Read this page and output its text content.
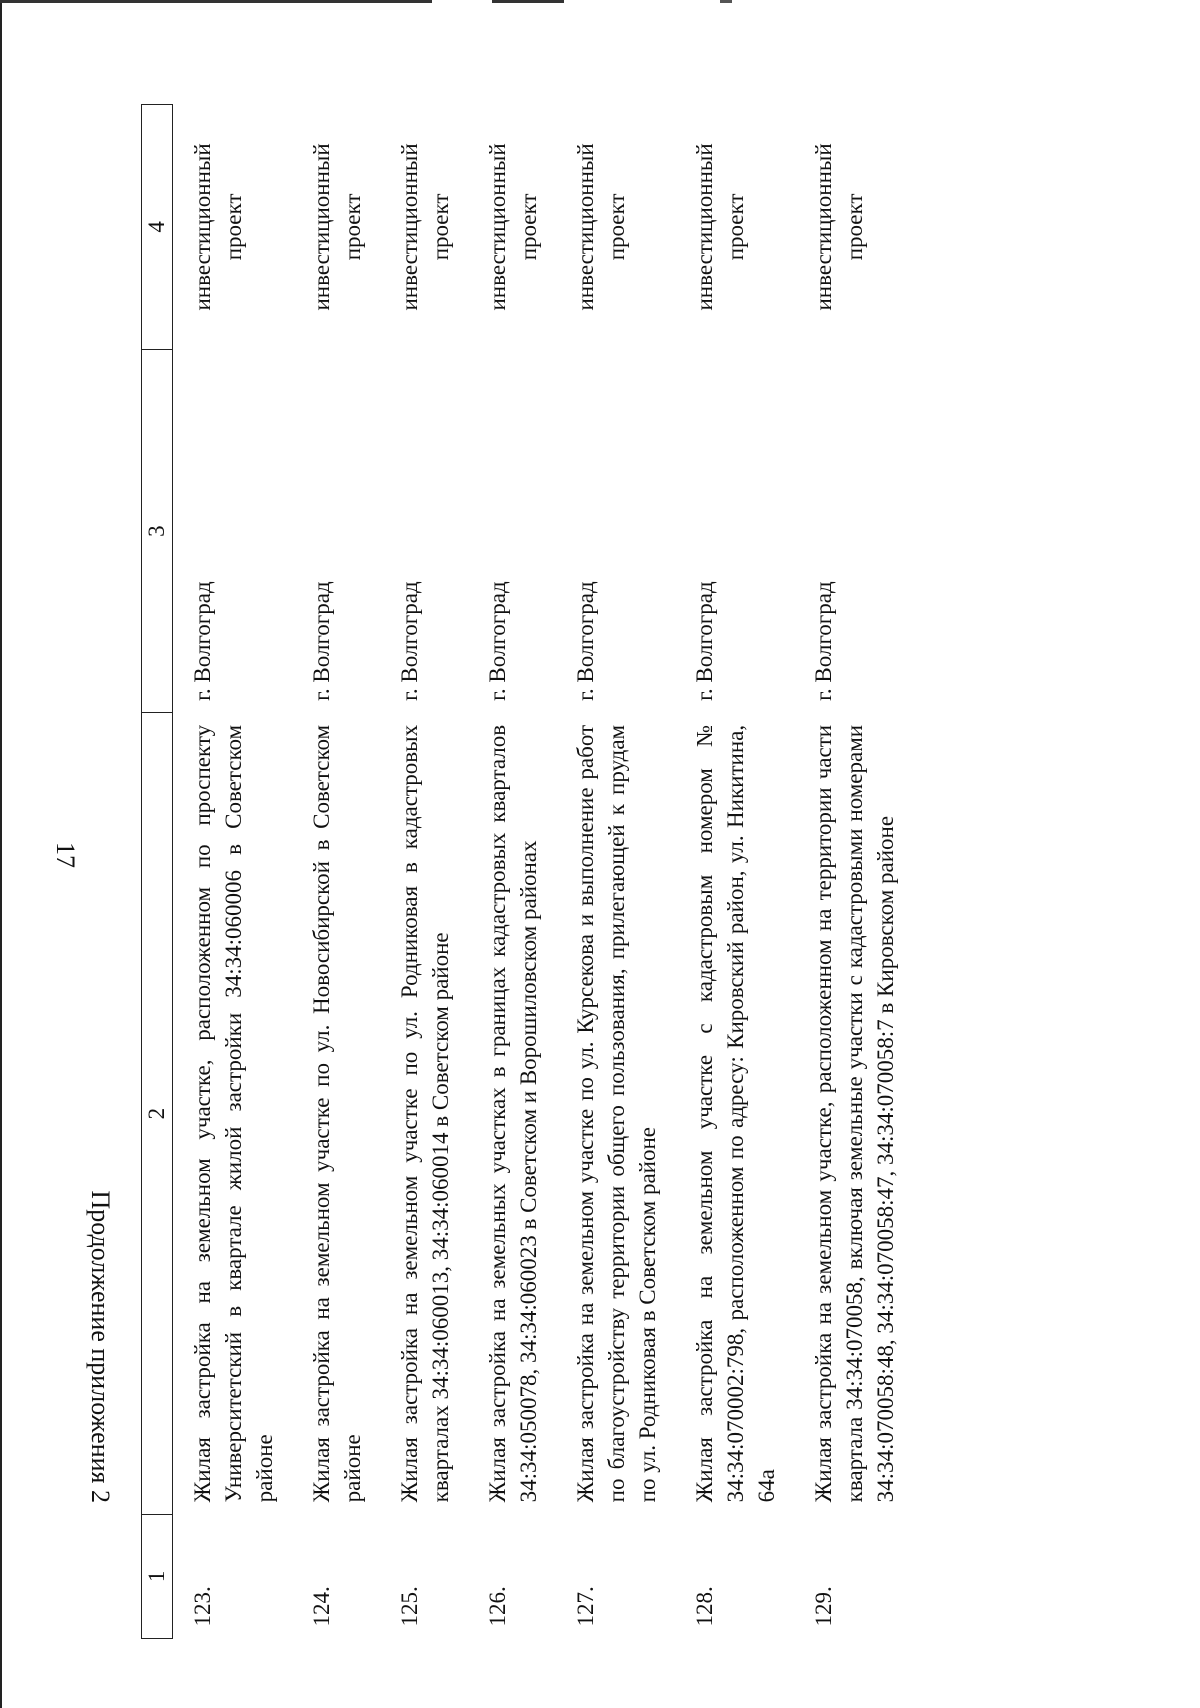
17
Продолжение приложения 2
1	2	3	4
123.	Жилая застройка на земельном участке, расположенном по проспекту Университетский в квартале жилой застройки 34:34:060006 в Советском районе	г. Волгоград	инвестиционный проект
124.	Жилая застройка на земельном участке по ул. Новосибирской в Советском районе	г. Волгоград	инвестиционный проект
125.	Жилая застройка на земельном участке по ул. Родниковая в кадастровых кварталах 34:34:060013, 34:34:060014 в Советском районе	г. Волгоград	инвестиционный проект
126.	Жилая застройка на земельных участках в границах кадастровых кварталов 34:34:050078, 34:34:060023 в Советском и Ворошиловском районах	г. Волгоград	инвестиционный проект
127.	Жилая застройка на земельном участке по ул. Курсекова и выполнение работ по благоустройству территории общего пользования, прилегающей к прудам по ул. Родниковая в Советском районе	г. Волгоград	инвестиционный проект
128.	Жилая застройка на земельном участке с кадастровым номером № 34:34:070002:798, расположенном по адресу: Кировский район, ул. Никитина, 64а	г. Волгоград	инвестиционный проект
129.	Жилая застройка на земельном участке, расположенном на территории части квартала 34:34:070058, включая земельные участки с кадастровыми номерами 34:34:070058:48, 34:34:070058:47, 34:34:070058:7 в Кировском районе	г. Волгоград	инвестиционный проект
